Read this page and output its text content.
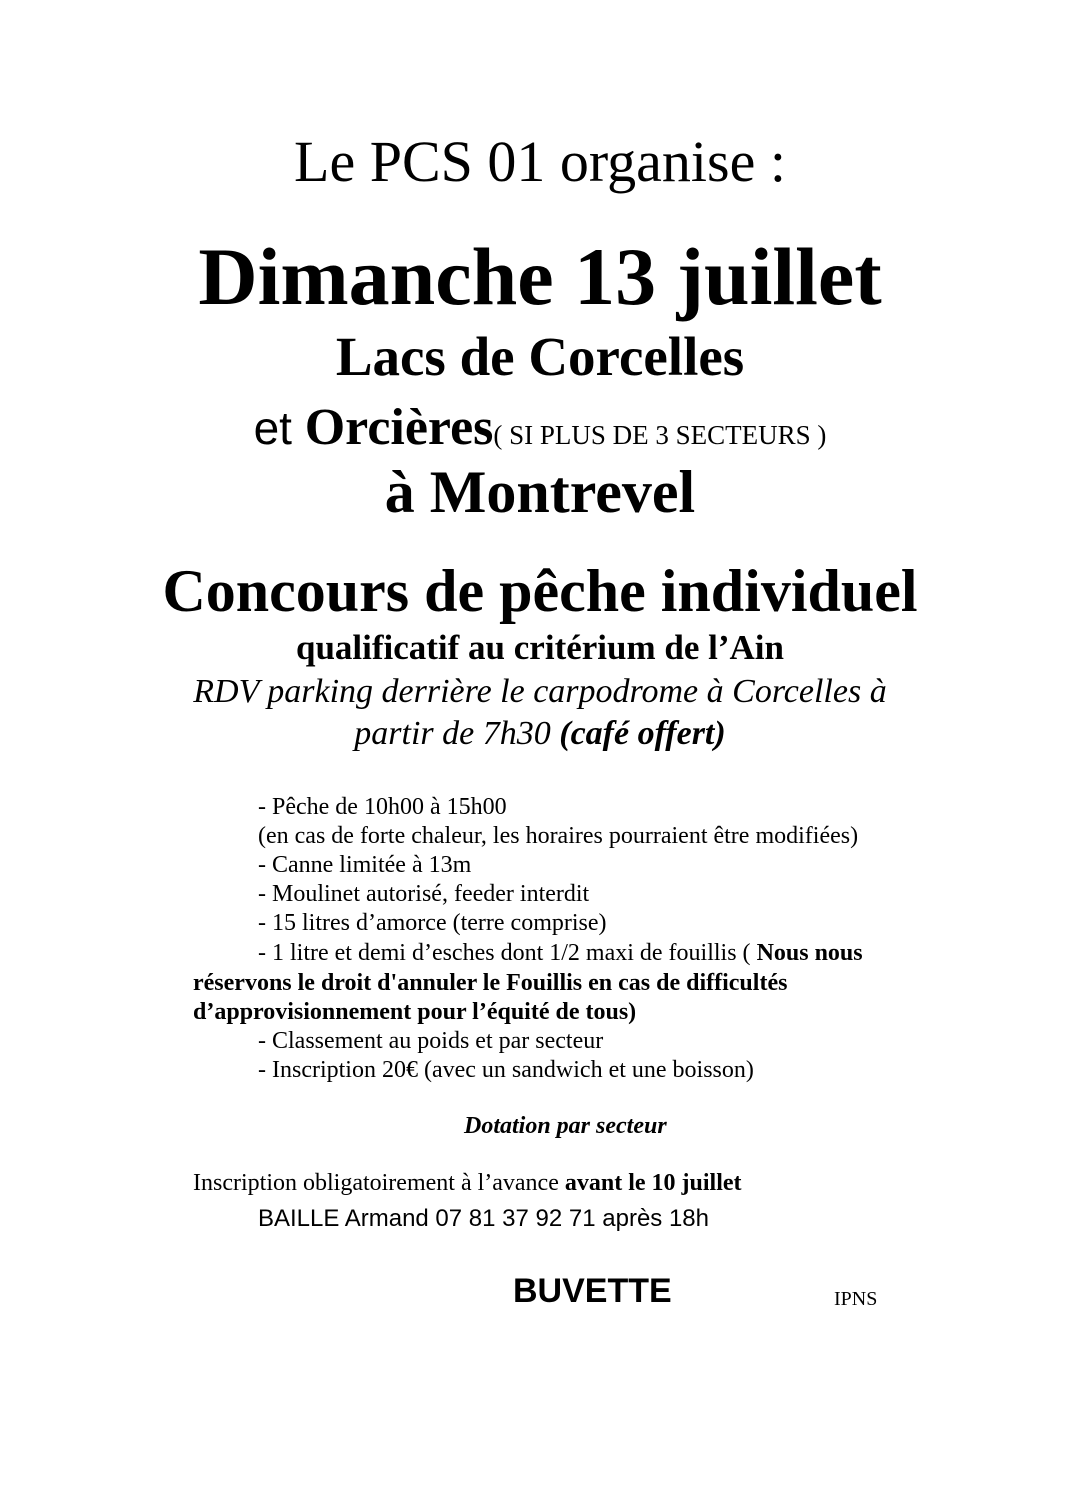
Le PCS 01 organise :
Dimanche 13 juillet
Lacs de Corcelles
et Orcières( SI PLUS DE 3 SECTEURS )
à Montrevel
Concours de pêche individuel
qualificatif au critérium de l’Ain
RDV parking derrière le carpodrome à Corcelles à
partir de 7h30 (café offert)
- Pêche de 10h00 à 15h00
(en cas de forte chaleur, les horaires pourraient être modifiées)
- Canne limitée à 13m
- Moulinet autorisé, feeder interdit
- 15 litres d’amorce (terre comprise)
- 1 litre et demi d’esches dont 1/2 maxi de fouillis ( Nous nous
réservons le droit d'annuler le Fouillis en cas de difficultés
d’approvisionnement pour l’équité de tous)
- Classement au poids et par secteur
- Inscription 20€ (avec un sandwich et une boisson)
Dotation par secteur
Inscription obligatoirement à l’avance avant le 10 juillet
BAILLE Armand 07 81 37 92 71 après 18h
BUVETTE	IPNS
